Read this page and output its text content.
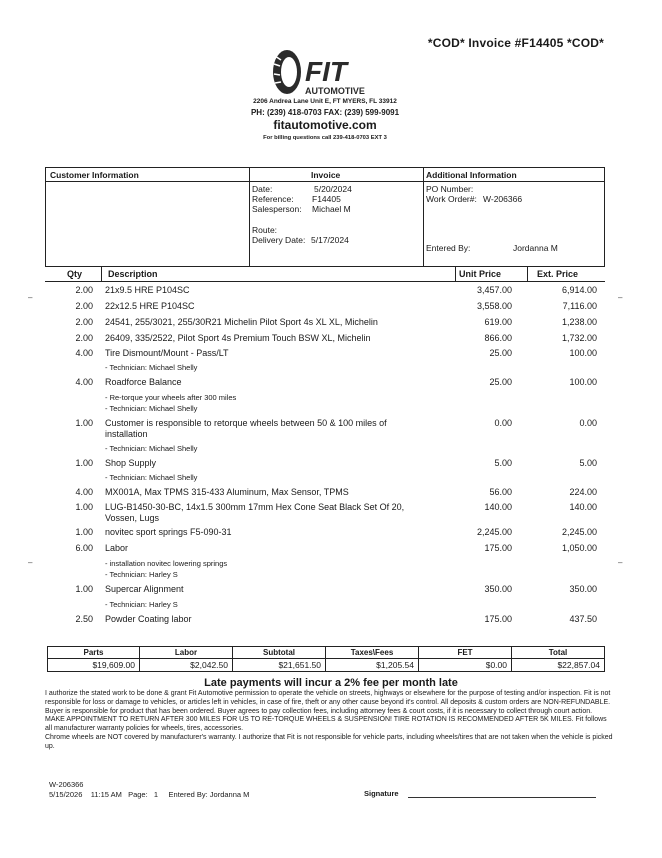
*COD* Invoice #F14405 *COD*
FIT
AUTOMOTIVE
2206 Andrea Lane Unit E, FT MYERS, FL 33912
PH: (239) 418-0703 FAX: (239) 599-9091
fitautomotive.com
For billing questions call 239-418-0703 EXT 3
Customer Information	Invoice	Additional Information
Date:	5/20/2024
Reference: F14405
Salesperson: Michael M
Route:
Delivery Date: 5/17/2024
PO Number:
Work Order#: W-206366
Entered By:	Jordanna M
Qty	Description	Unit Price	Ext. Price
2.00 21x9.5 HRE P104SC	3,457.00	6,914.00
2.00 22x12.5 HRE P104SC	3,558.00	7,116.00
2.00 24541, 255/3021, 255/30R21 Michelin Pilot Sport 4s XL XL, Michelin	619.00	1,238.00
2.00 26409, 335/2522, Pilot Sport 4s Premium Touch BSW XL, Michelin	866.00	1,732.00
4.00 Tire Dismount/Mount - Pass/LT	25.00	100.00
- Technician: Michael Shelly
4.00 Roadforce Balance	25.00	100.00
- Re-torque your wheels after 300 miles
- Technician: Michael Shelly
1.00 Customer is responsible to retorque wheels between 50 & 100 miles of installation
0.00	0.00
- Technician: Michael Shelly
1.00 Shop Supply	5.00	5.00
- Technician: Michael Shelly
4.00 MX001A, Max TPMS 315-433 Aluminum, Max Sensor, TPMS	56.00	224.00
1.00 LUG-B1450-30-BC, 14x1.5 300mm 17mm Hex Cone Seat Black Set Of 20, Vossen, Lugs
140.00	140.00
1.00 novitec sport springs F5-090-31	2,245.00	2,245.00
6.00 Labor	175.00	1,050.00
- installation novitec lowering springs
- Technician: Harley S
1.00 Supercar Alignment	350.00	350.00
- Technician: Harley S
2.50 Powder Coating labor	175.00	437.50
Parts
$19,609.00
Labor
$2,042.50
Subtotal
$21,651.50
Taxes\Fees
$1,205.54
FET
$0.00
Total
$22,857.04
Late payments will incur a 2% fee per month late
I authorize the stated work to be done & grant Fit Automotive permission to operate the vehicle on streets, highways or elsewhere for the purpose of testing and/or inspection. Fit is not responsible for loss or damage to vehicles, or articles left in vehicles, in case of fire, theft or any other cause beyond it's control. All deposits & custom orders are NON-REFUNDABLE. Buyer is responsible for product that has been ordered. Buyer agrees to pay collection fees, including attorney fees & court costs, if it is necessary to collect through court action.
MAKE APPOINTMENT TO RETURN AFTER 300 MILES FOR US TO RE-TORQUE WHEELS & SUSPENSION! TIRE ROTATION IS RECOMMENDED AFTER 5K MILES. Fit follows all manufacturer warranty policies for wheels, tires, accessories.
Chrome wheels are NOT covered by manufacturer's warranty. I authorize that Fit is not responsible for vehicle parts, including wheels/tires that are not taken when the vehicle is picked up.
W-206366
5/15/2026    11:15 AM   Page:   1     Entered By: Jordanna M	Signature
–	–
–	–
